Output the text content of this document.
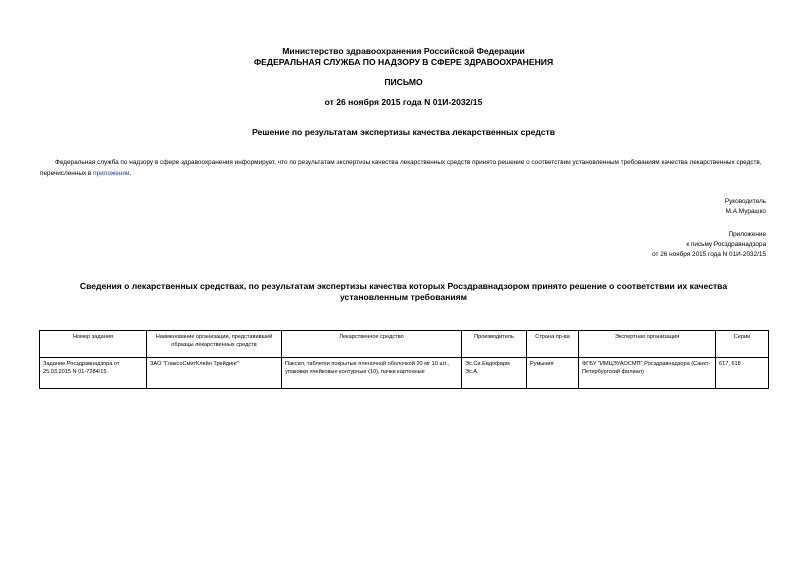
Министерство здравоохранения Российской Федерации
ФЕДЕРАЛЬНАЯ СЛУЖБА ПО НАДЗОРУ В СФЕРЕ ЗДРАВООХРАНЕНИЯ
ПИСЬМО
от 26 ноября 2015 года N 01И-2032/15
Решение по результатам экспертизы качества лекарственных средств
Федеральная служба по надзору в сфере здравоохранения информирует, что по результатам экспертизы качества лекарственных средств принято решение о соответствии установленным требованиям качества лекарственных средств, перечисленных в приложении.
Руководитель
М.А.Мурашко
Приложение
к письму Росздравнадзора
от 26 ноября 2015 года N 01И-2032/15
Сведения о лекарственных средствах, по результатам экспертизы качества которых Росздравнадзором принято решение о соответствии их качества
установленным требованиям
Номер задания	Наименование организации, представившей образцы лекарственных средств	Лекарственное средство	Производитель	Страна пр-ва	Экспертная организация	Серии
Задание Росздравнадзора от 25.03.2015 N 01-7284/15	ЗАО "ГлаксоСмитКляйн Трейдинг"	Паксил, таблетки покрытые пленочной оболочкой 20 мг 10 шт., упаковки ячейковые контурные (10), пачки картонные	Эс.Си.Евдофарм Эс.А.	Румыния	ФГБУ "ИМЦЭУАОСМП" Росздравнадзора (Санкт-Петербургский филиал)	617, 618
